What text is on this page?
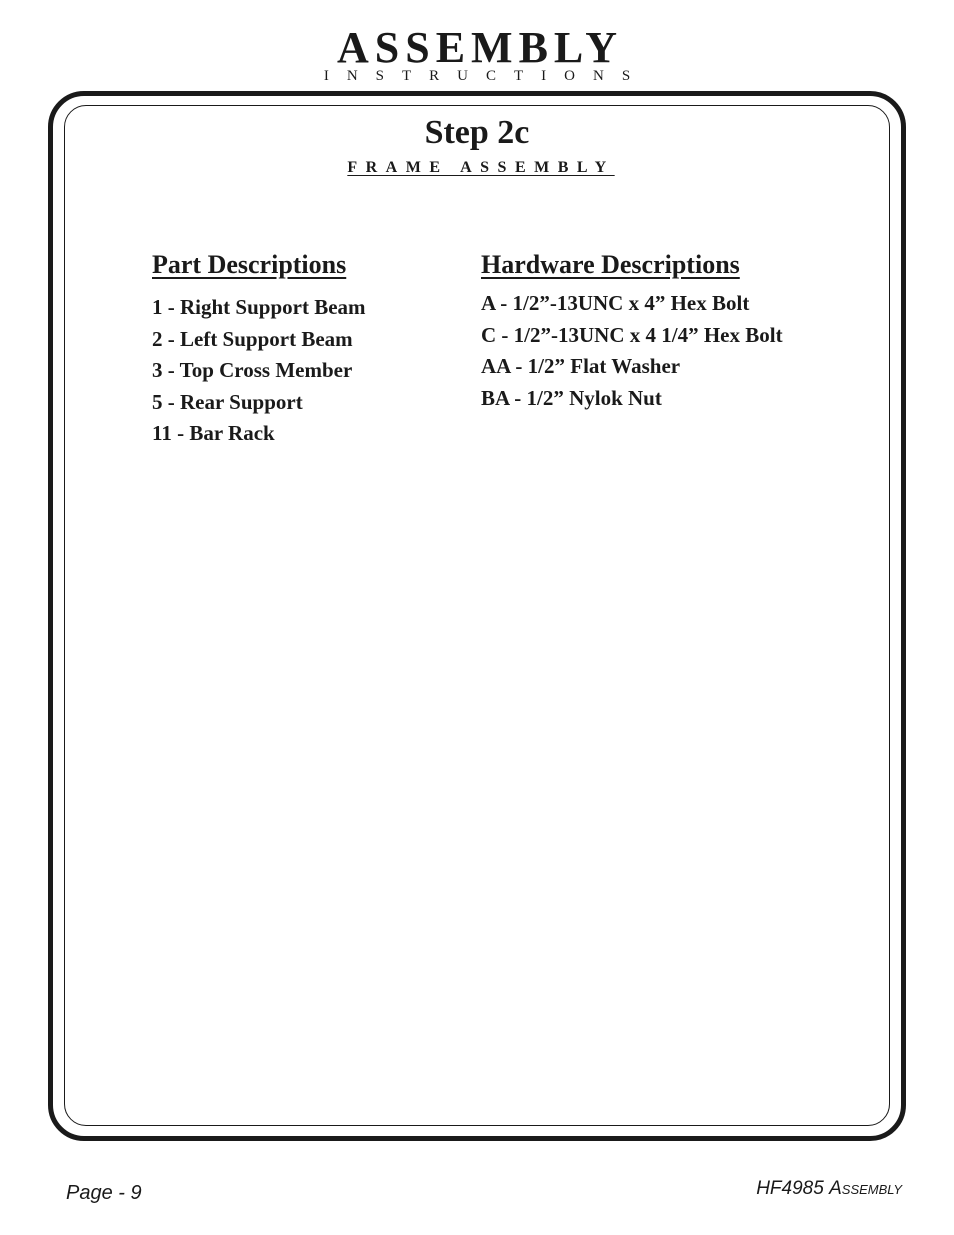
ASSEMBLY
INSTRUCTIONS
Step 2c
FRAME ASSEMBLY
Part Descriptions
1 - Right Support Beam
2 - Left Support Beam
3 - Top Cross Member
5 - Rear Support
11 - Bar Rack
Hardware Descriptions
A - 1/2”-13UNC x 4” Hex Bolt
C - 1/2”-13UNC x 4 1/4” Hex Bolt
AA - 1/2” Flat Washer
BA - 1/2” Nylok Nut
Page - 9	HF4985 Assembly
